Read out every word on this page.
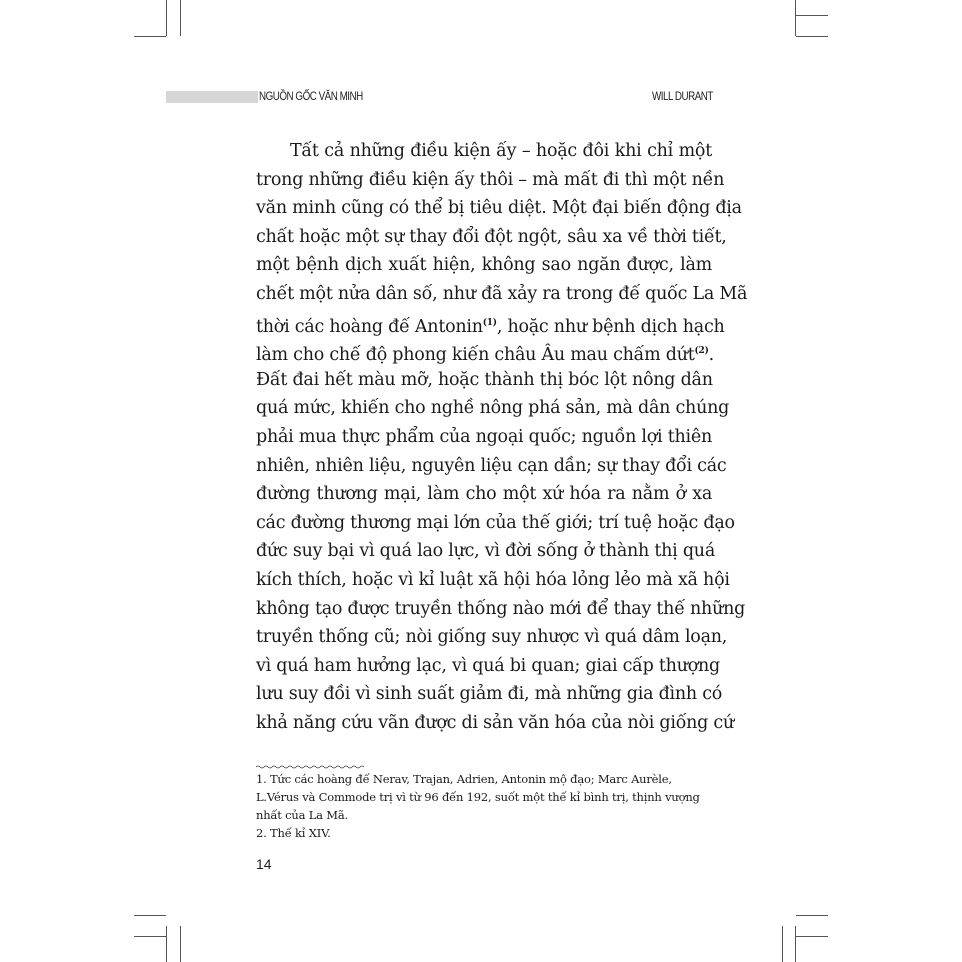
NGUỒN GỐC VĂN MINH	WILL DURANT
Tất cả những điều kiện ấy – hoặc đôi khi chỉ một
trong những điều kiện ấy thôi – mà mất đi thì một nền
văn minh cũng có thể bị tiêu diệt. Một đại biến động địa
chất hoặc một sự thay đổi đột ngột, sâu xa về thời tiết,
một bệnh dịch xuất hiện, không sao ngăn được, làm
chết một nửa dân số, như đã xảy ra trong đế quốc La Mã
thời các hoàng đế Antonin$^{(1)}$, hoặc như bệnh dịch hạch
làm cho chế độ phong kiến châu Âu mau chấm dứt$^{(2)}$.
Đất đai hết màu mỡ, hoặc thành thị bóc lột nông dân
quá mức, khiến cho nghề nông phá sản, mà dân chúng
phải mua thực phẩm của ngoại quốc; nguồn lợi thiên
nhiên, nhiên liệu, nguyên liệu cạn dần; sự thay đổi các
đường thương mại, làm cho một xứ hóa ra nằm ở xa
các đường thương mại lớn của thế giới; trí tuệ hoặc đạo
đức suy bại vì quá lao lực, vì đời sống ở thành thị quá
kích thích, hoặc vì kỉ luật xã hội hóa lỏng lẻo mà xã hội
không tạo được truyền thống nào mới để thay thế những
truyền thống cũ; nòi giống suy nhược vì quá dâm loạn,
vì quá ham hưởng lạc, vì quá bi quan; giai cấp thượng
lưu suy đồi vì sinh suất giảm đi, mà những gia đình có
khả năng cứu vãn được di sản văn hóa của nòi giống cứ
1. Tức các hoàng đế Nerav, Trajan, Adrien, Antonin mộ đạo; Marc Aurèle,
L.Vérus và Commode trị vì từ 96 đến 192, suốt một thế kỉ bình trị, thịnh vượng
nhất của La Mã.
2. Thế kỉ XIV.
14
